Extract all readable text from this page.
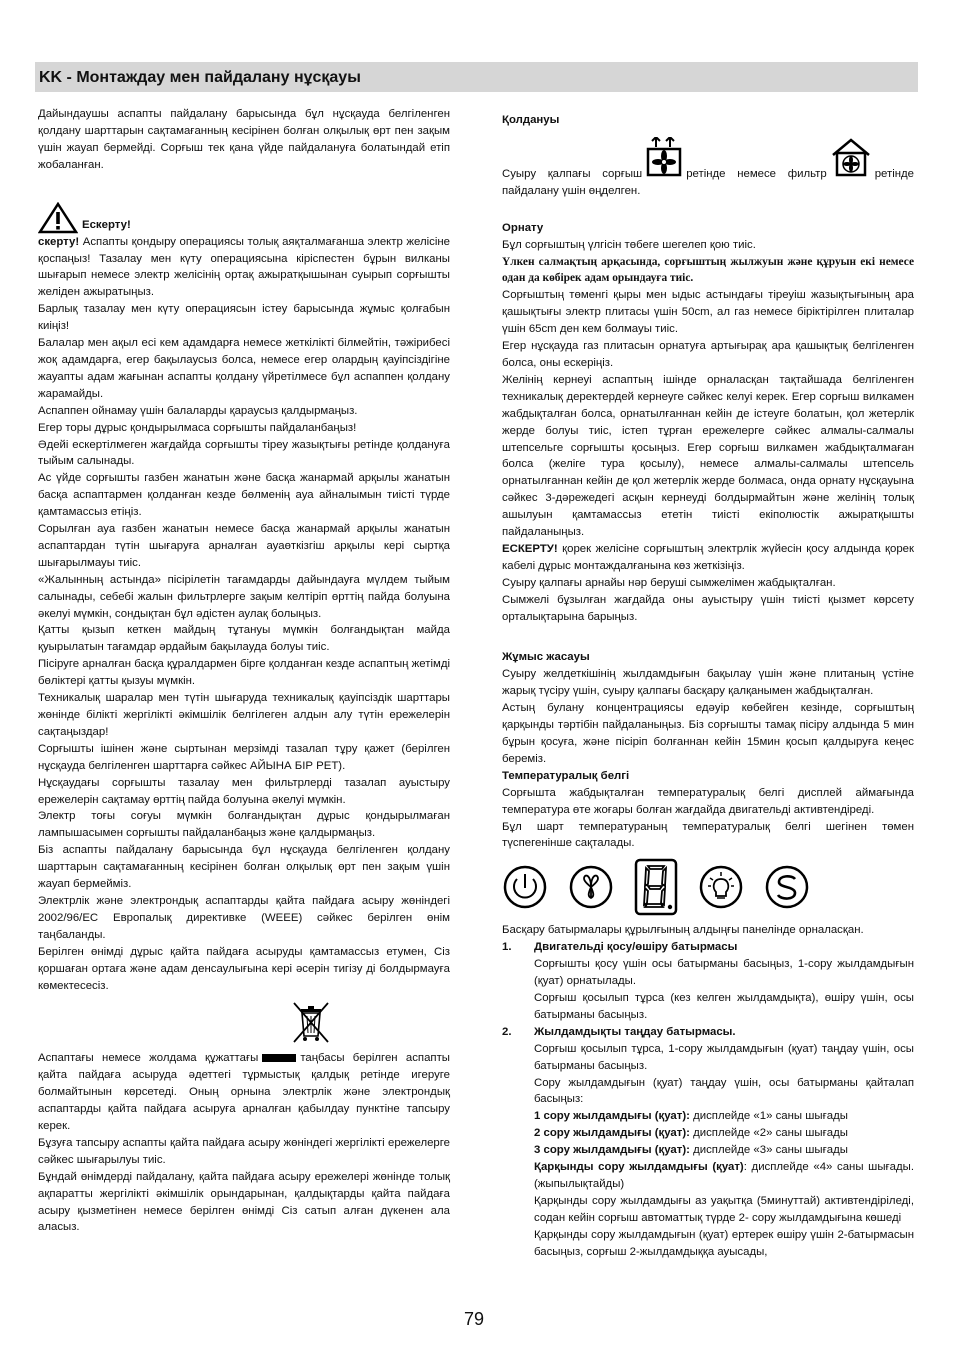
KK - Монтаждау мен пайдалану нұсқауы

Дайындаушы аспапты пайдалану барысында бұл нұсқауда белгіленген қолдану шарттарын сақтамағанның кесірінен болған олқылық өрт пен зақым үшін жауап бермейді. Сорғыш тек қана үйде пайдалануға болатындай етіп жобаланған.

Ескерту!

скерту! Аспапты қондыру операциясы толық аяқталмағанша электр желісіне қоспаңыз! Тазалау мен күту операциясына кіріспестен бұрын вилканы шығарып немесе электр желісінің ортақ ажыратқышынан суырып сорғышты желіден ажыратыңыз.

Барлық тазалау мен күту операциясын істеу барысында жұмыс қолғабын киіңіз!

Балалар мен ақыл есі кем адамдарға немесе жеткілікті білмейтін, тәжірибесі жоқ адамдарға, егер бақылаусыз болса, немесе егер олардың қауіпсіздігіне жауапты адам жағынан аспапты қолдану үйретілмесе бұл аспаппен қолдану жарамайды.

Аспаппен ойнамау үшін балаларды қараусыз қалдырмаңыз.

Егер торы дұрыс қондырылмаса сорғышты пайдаланбаңыз!

Әдейі ескертілмеген жағдайда сорғышты тіреу жазықтығы ретінде қолдануға тыйым салынады.

Ас үйде сорғышты газбен жанатын және басқа жанармай арқылы жанатын басқа аспаптармен қолданған кезде бөлменің ауа айналымын тиісті түрде қамтамассыз етіңіз.

Сорылған ауа газбен жанатын немесе басқа жанармай арқылы жанатын аспаптардан түтін шығаруға арналған ауаөткізгіш арқылы кері сыртқа шығарылмауы тиіс.

«Жалынның астында» пісірілетін тағамдарды дайындауға мүлдем тыйым салынады, себебі жалын фильтрлерге зақым келтіріп өрттің пайда болуына әкелуі мүмкін, сондықтан бұл әдістен аулақ болыңыз.

Қатты қызып кеткен майдың тұтануы мүмкін болғандықтан майда қуырылатын тағамдар әрдайым бақылауда болуы тиіс.

Пісіруге арналған басқа құралдармен бірге қолданған кезде аспаптың жетімді бөліктері қатты қызуы мүмкін.

Техникалық шаралар мен түтін шығаруда техникалық қауіпсіздік шарттары жөнінде білікті жергілікті әкімшілік белгілеген алдын алу түтін ережелерін сақтаңыздар!

Сорғышты ішінен және сыртынан мерзімді тазалап тұру қажет (берілген нұсқауда белгіленген шарттарға сәйкес АЙЫНА БІР РЕТ).

Нұсқаудағы сорғышты тазалау мен фильтрлерді тазалап ауыстыру ережелерін сақтамау өрттің пайда болуына әкелуі мүмкін.

Электр тоғы соғуы мүмкін болғандықтан дұрыс қондырылмаған лампышасымен сорғышты пайдаланбаңыз және қалдырмаңыз.

Біз аспапты пайдалану барысында бұл нұсқауда белгіленген қолдану шарттарын сақтамағанның кесірінен болған олқылық өрт пен зақым үшін жауап бермейміз.

Электрлік және электрондық аспаптарды қайта пайдаға асыру жөніндегі 2002/96/ЕС Европалық директивке (WEEE) сәйкес берілген өнім таңбаланды.

Берілген өнімді дұрыс қайта пайдаға асыруды қамтамассыз етумен, Сіз қоршаған ортаға және адам денсаулығына кері әсерін тигізу ді болдырмауға көмектесесіз.

Аспаптағы немесе жолдама құжаттағы	таңбасы берілген аспапты қайта пайдаға асыруда әдеттегі тұрмыстық қалдық ретінде игеруге болмайтынын көрсетеді. Оның орнына электрлік және электрондық аспаптарды қайта пайдаға асыруға арналған қабылдау пунктіне тапсыру керек.

Бұзуға тапсыру аспапты қайта пайдаға асыру жөніндегі жергілікті ережелерге сәйкес шығарылуы тиіс.

Бұндай өнімдерді пайдалану, қайта пайдаға асыру ережелері жөнінде толық ақпаратты жергілікті әкімшілік орындарынан, қалдықтарды қайта пайдаға асыру қызметінен немесе берілген өнімді Сіз сатып алған дүкенен ала аласыз.

Қолдануы

Суыру қалпағы сорғыш	ретінде немесе фильтр	ретінде пайдалану үшін өңделген.

Орнату

Бұл сорғыштың үлгісін төбеге шегелеп қою тиіс.

Үлкен салмақтың арқасында, сорғыштың жылжуын және құруын екі немесе одан да көбірек адам орындауға тиіс.

Сорғыштың төменгі қыры мен ыдыс астындағы тіреуіш жазықтығының ара қашықтығы электр плитасы үшін 50cm, ал газ немесе біріктірілген плиталар үшін 65cm ден кем болмауы тиіс.

Егер нұсқауда газ плитасын орнатуға артығырақ ара қашықтық белгіленген болса, оны ескеріңіз.

Желінің кернеуі аспаптың ішінде орналасқан тақтайшада белгіленген техникалық деректердей кернеуге сәйкес келуі керек. Егер сорғыш вилкамен жабдықталған болса, орнатылғаннан кейін де істеуге болатын, қол жетерлік жерде болуы тиіс, істеп тұрған ережелерге сәйкес алмалы-салмалы штепсельге сорғышты қосыңыз. Егер сорғыш вилкамен жабдықталмаған болса (желіге тура қосылу), немесе алмалы-салмалы штепсель орнатылғаннан кейін де қол жетерлік жерде болмаса, онда орнату нұсқауына сәйкес 3-дәрежедегі асқын кернеуді болдырмайтын және желінің толық ашылуын қамтамассыз ететін тиісті екіполюстік ажыратқышты пайдаланыңыз.

ЕСКЕРТУ! қорек желісіне сорғыштың электрлік жүйесін қосу алдында қорек кабелі дұрыс монтаждалғанына көз жеткізіңіз.

Суыру қалпағы арнайы нәр беруші сымжелімен жабдықталған.

Сымжелі бұзылған жағдайда оны ауыстыру үшін тиісті қызмет көрсету орталықтарына барыңыз.

Жұмыс жасауы

Суыру желдеткішінің жылдамдығын бақылау үшін және плитаның үстіне жарық түсіру үшін, суыру қалпағы басқару қалқанымен жабдықталған.

Астың булану концентрациясы едәуір көбейген кезінде, сорғыштың қарқынды тәртібін пайдаланыңыз. Біз сорғышты тамақ пісіру алдында 5 мин бұрын қосуға, және пісіріп болғаннан кейін 15мин қосып қалдыруға кеңес береміз.

Температуралық белгі

Сорғышта жабдықталған температуралық белгі дисплей аймағында температура өте жоғары болған жағдайда двигательді активтендіреді.

Бұл шарт температураның температуралық белгі шегінен төмен түспегенінше сақталады.

Басқару батырмалары құрылғының алдыңғы панелінде орналасқан.

1.	Двигательді қосу/өшіру батырмасы

Сорғышты қосу үшін осы батырманы басыңыз, 1-сору жылдамдығын (қуат) орнатылады.

Сорғыш қосылып тұрса (кез келген жылдамдықта), өшіру үшін, осы батырманы басыңыз.

2.	Жылдамдықты таңдау батырмасы.

Сорғыш қосылып тұрса, 1-сору жылдамдығын (қуат) таңдау үшін, осы батырманы басыңыз.

Сору жылдамдығын (қуат) таңдау үшін, осы батырманы қайталап басыңыз:

1 сору жылдамдығы (қуат): дисплейде «1» саны шығады

2 сору жылдамдығы (қуат): дисплейде «2» саны шығады

3 сору жылдамдығы (қуат): дисплейде «3» саны шығады

Қарқынды сору жылдамдығы (қуат): дисплейде «4» саны шығады.(жыпылықтайды)

Қарқынды сору жылдамдығы аз уақытқа (5минуттай) активтендіріледі, содан кейін сорғыш автоматтық түрде 2- сору жылдамдығына көшеді

Қарқынды сору жылдамдығын (қуат) ертерек өшіру үшін 2-батырмасын басыңыз, сорғыш 2-жылдамдыққа ауысады,

79
